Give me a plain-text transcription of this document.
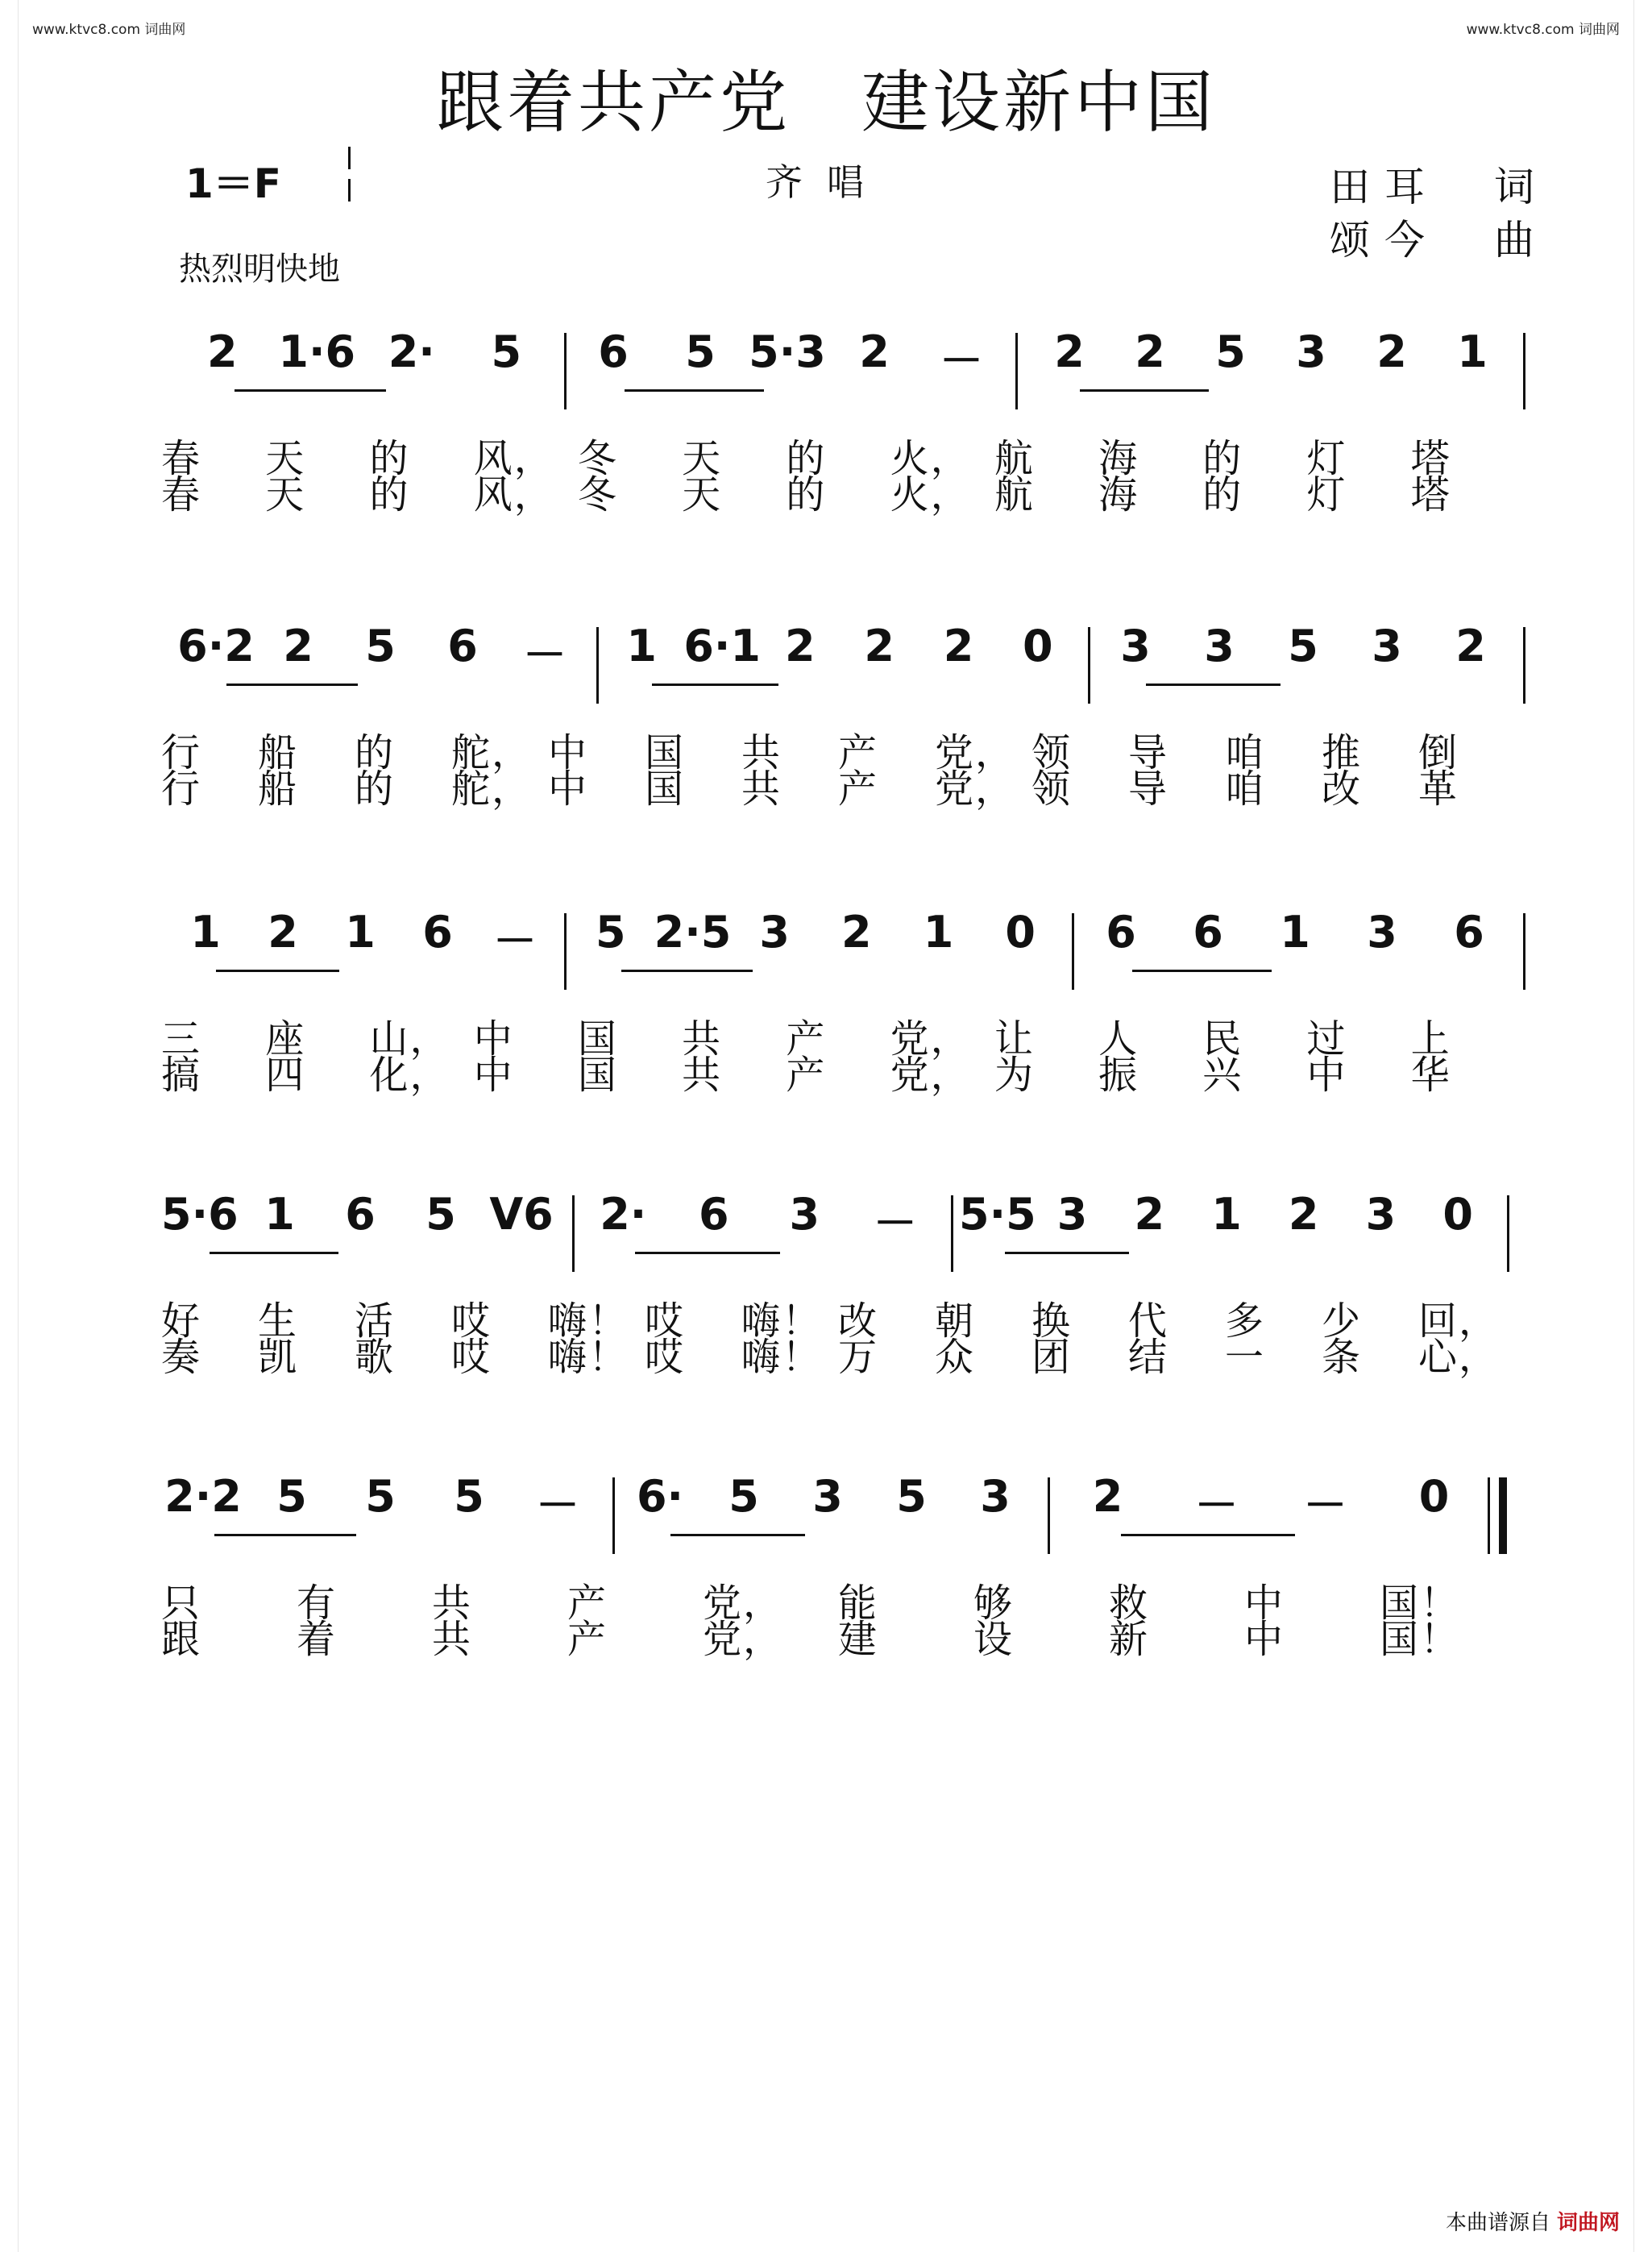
www.ktvc8.com 词曲网	www.ktvc8.com 词曲网
跟着共产党　建设新中国
1＝F	齐唱	田耳　词
颂今　曲
热烈明快地
2 1·6 2·	5	6	5 5·3 2	－	2	2	5	3	2	1
春 天 的 风， 冬 天 的 火， 航 海 的 灯 塔
春 天 的 风， 冬 天 的 火， 航 海 的 灯 塔
6·2 2	5	6	－	1 6·1 2	2	2	0	3	3	5	3	2
行 船 的 舵， 中 国 共 产 党， 领 导 咱 推 倒
行 船 的 舵， 中 国 共 产 党， 领 导 咱 改 革
1	2	1	6 －	5 2·5 3	2	1	0	6	6	1	3	6
三 座 山， 中 国 共 产 党， 让 人 民 过 上
搞 四 化， 中 国 共 产 党， 为 振 兴 中 华
5·6 1	6	5 V6	2·	6	3	－ 5·5 3	2	1	2	3	0
好 生 活 哎 嗨！ 哎 嗨！ 改 朝 换 代 多 少 回，
奏 凯 歌 哎 嗨！ 哎 嗨！ 万 众 团 结 一 条 心，
2·2 5	5	5	－	6·	5	3	5	3	2	－	－	0
只 有 共 产 党， 能 够 救 中 国！
跟 着 共 产 党， 建 设 新 中 国！
本曲谱源自 词曲网
